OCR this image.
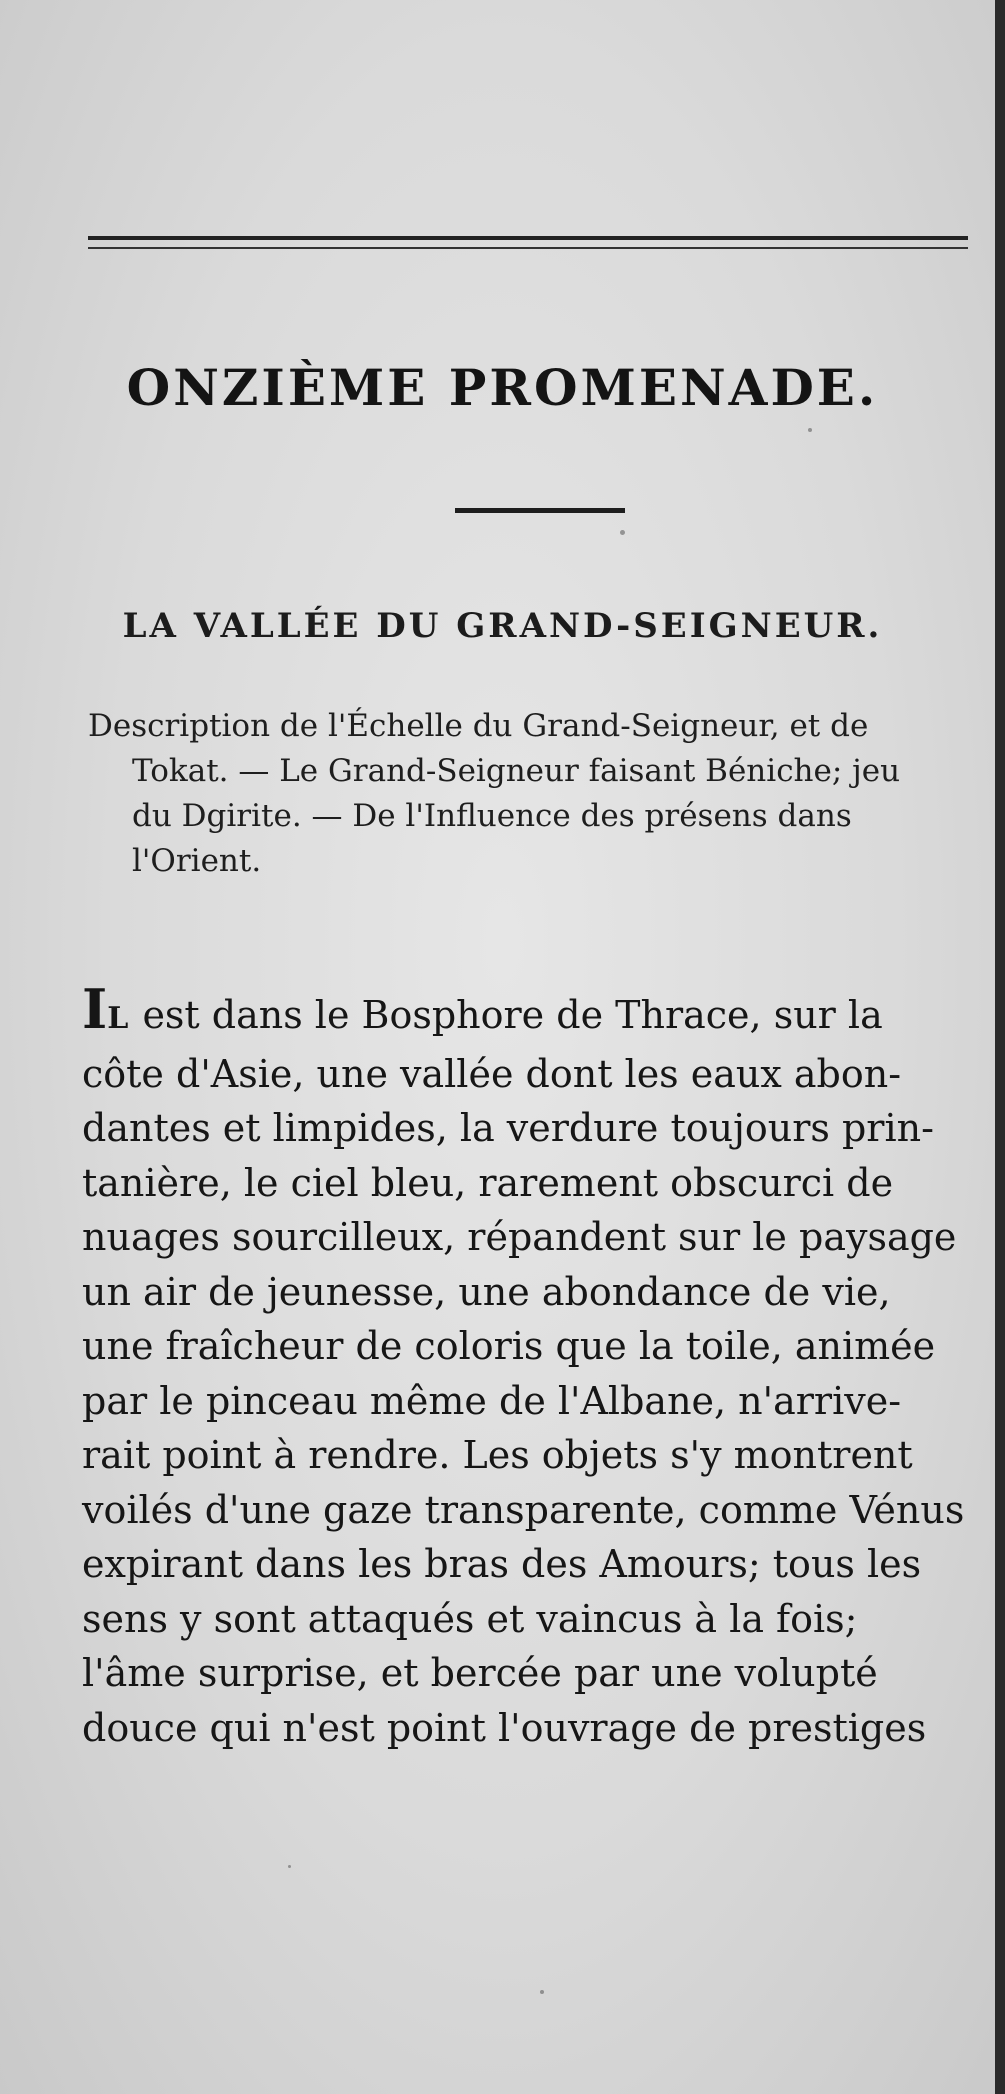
ONZIÈME PROMENADE.
LA VALLÉE DU GRAND-SEIGNEUR.

Description de l'Échelle du Grand-Seigneur, et de
Tokat. — Le Grand-Seigneur faisant Béniche; jeu
du Dgirite. — De l'Influence des présens dans
l'Orient.

IL est dans le Bosphore de Thrace, sur la
côte d'Asie, une vallée dont les eaux abon-
dantes et limpides, la verdure toujours prin-
tanière, le ciel bleu, rarement obscurci de
nuages sourcilleux, répandent sur le paysage
un air de jeunesse, une abondance de vie,
une fraîcheur de coloris que la toile, animée
par le pinceau même de l'Albane, n'arrive-
rait point à rendre. Les objets s'y montrent
voilés d'une gaze transparente, comme Vénus
expirant dans les bras des Amours; tous les
sens y sont attaqués et vaincus à la fois;
l'âme surprise, et bercée par une volupté
douce qui n'est point l'ouvrage de prestiges
